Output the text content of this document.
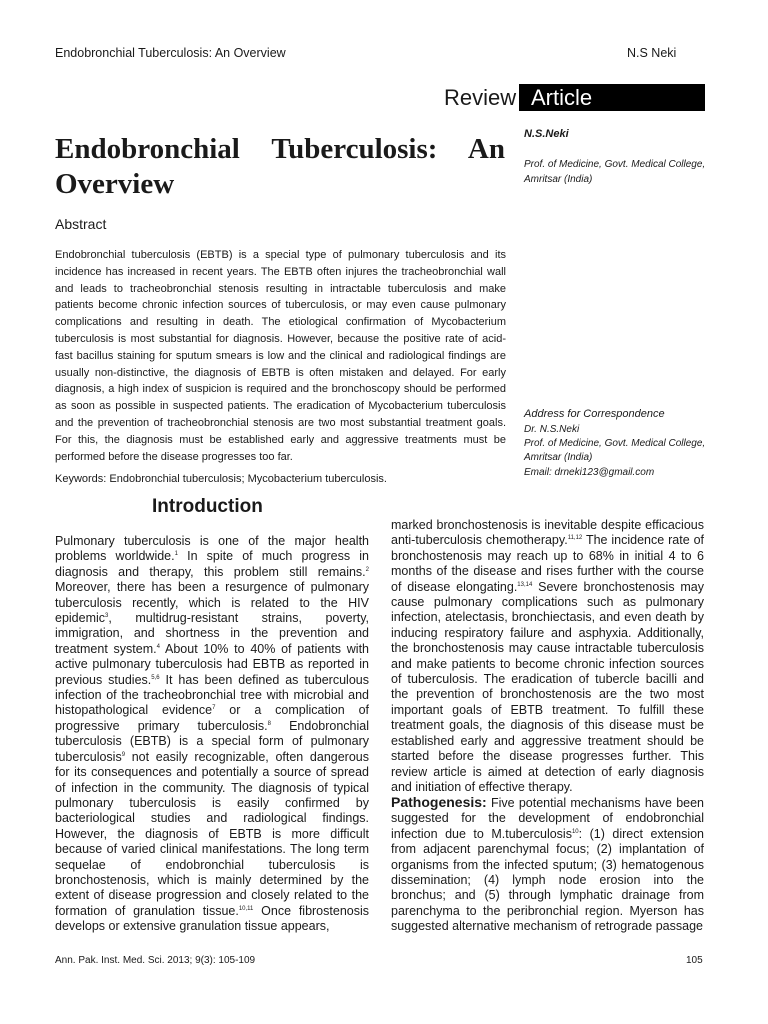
Endobronchial Tuberculosis: An Overview	N.S Neki
Review Article
Endobronchial Tuberculosis: An
Overview
N.S.Neki
Prof. of Medicine, Govt. Medical College, Amritsar (India)
Abstract
Endobronchial tuberculosis (EBTB) is a special type of pulmonary tuberculosis and its incidence has increased in recent years. The EBTB often injures the tracheobronchial wall and leads to tracheobronchial stenosis resulting in intractable tuberculosis and make patients become chronic infection sources of tuberculosis, or may even cause pulmonary complications and resulting in death. The etiological confirmation of Mycobacterium tuberculosis is most substantial for diagnosis. However, because the positive rate of acid-fast bacillus staining for sputum smears is low and the clinical and radiological findings are usually non-distinctive, the diagnosis of EBTB is often mistaken and delayed. For early diagnosis, a high index of suspicion is required and the bronchoscopy should be performed as soon as possible in suspected patients. The eradication of Mycobacterium tuberculosis and the prevention of tracheobronchial stenosis are two most substantial treatment goals. For this, the diagnosis must be established early and aggressive treatments must be performed before the disease progresses too far.
Keywords: Endobronchial tuberculosis; Mycobacterium tuberculosis.
Address for Correspondence
Dr. N.S.Neki
Prof. of Medicine, Govt. Medical College, Amritsar (India)
Email: drneki123@gmail.com
Introduction
Pulmonary tuberculosis is one of the major health problems worldwide.$^1$ In spite of much progress in diagnosis and therapy, this problem still remains.$^2$ Moreover, there has been a resurgence of pulmonary tuberculosis recently, which is related to the HIV epidemic$^3$, multidrug-resistant strains, poverty, immigration, and shortness in the prevention and treatment system.$^4$ About 10% to 40% of patients with active pulmonary tuberculosis had EBTB as reported in previous studies.$^{5,6}$ It has been defined as tuberculous infection of the tracheobronchial tree with microbial and histopathological evidence$^7$ or a complication of progressive primary tuberculosis.$^8$ Endobronchial tuberculosis (EBTB) is a special form of pulmonary tuberculosis$^9$ not easily recognizable, often dangerous for its consequences and potentially a source of spread of infection in the community. The diagnosis of typical pulmonary tuberculosis is easily confirmed by bacteriological studies and radiological findings. However, the diagnosis of EBTB is more difficult because of varied clinical manifestations. The long term sequelae of endobronchial tuberculosis is bronchostenosis, which is mainly determined by the extent of disease progression and closely related to the formation of granulation tissue.$^{10,11}$ Once fibrostenosis develops or extensive granulation tissue appears,
marked bronchostenosis is inevitable despite efficacious anti-tuberculosis chemotherapy.$^{11,12}$ The incidence rate of bronchostenosis may reach up to 68% in initial 4 to 6 months of the disease and rises further with the course of disease elongating.$^{13,14}$ Severe bronchostenosis may cause pulmonary complications such as pulmonary infection, atelectasis, bronchiectasis, and even death by inducing respiratory failure and asphyxia. Additionally, the bronchostenosis may cause intractable tuberculosis and make patients to become chronic infection sources of tuberculosis. The eradication of tubercle bacilli and the prevention of bronchostenosis are the two most important goals of EBTB treatment. To fulfill these treatment goals, the diagnosis of this disease must be established early and aggressive treatment should be started before the disease progresses further. This review article is aimed at detection of early diagnosis and initiation of effective therapy.
Pathogenesis: Five potential mechanisms have been suggested for the development of endobronchial infection due to M.tuberculosis$^{10}$: (1) direct extension from adjacent parenchymal focus; (2) implantation of organisms from the infected sputum; (3) hematogenous dissemination; (4) lymph node erosion into the bronchus; and (5) through lymphatic drainage from parenchyma to the peribronchial region. Myerson has suggested alternative mechanism of retrograde passage
Ann. Pak. Inst. Med. Sci. 2013; 9(3): 105-109	105
